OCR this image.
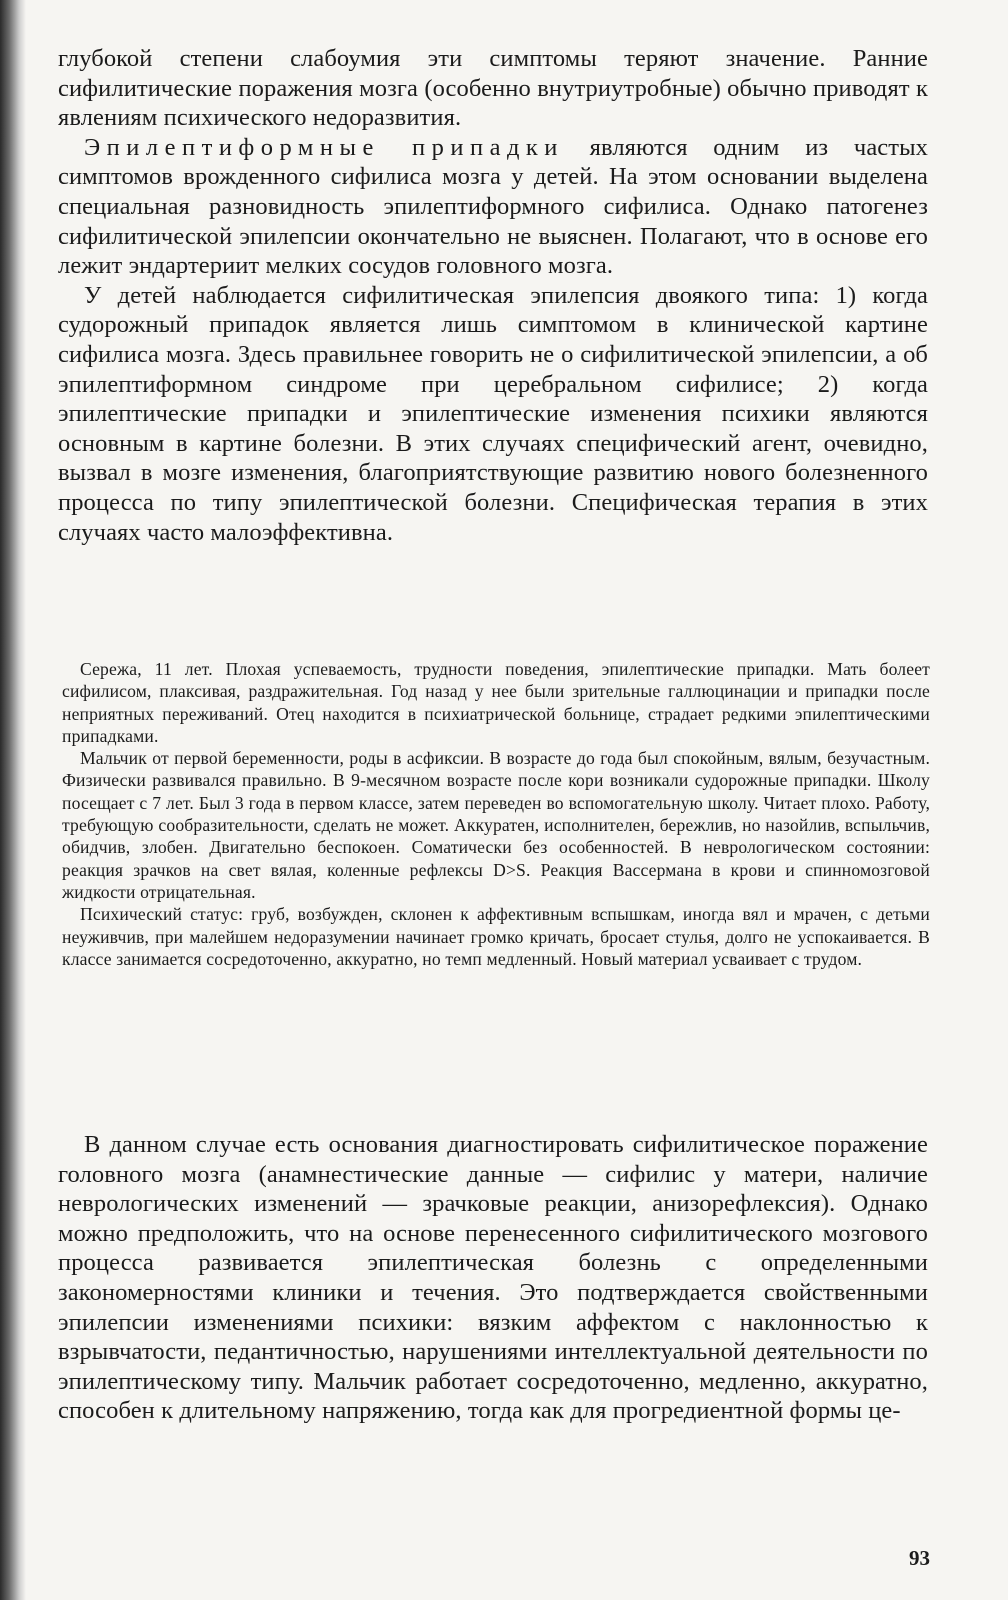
глубокой степени слабоумия эти симптомы теряют значение. Ранние сифилитические поражения мозга (особенно внутриутробные) обычно приводят к явлениям психического недоразвития.

Эпилептиформные припадки являются одним из частых симптомов врожденного сифилиса мозга у детей. На этом основании выделена специальная разновидность эпилептиформного сифилиса. Однако патогенез сифилитической эпилепсии окончательно не выяснен. Полагают, что в основе его лежит эндартериит мелких сосудов головного мозга.

У детей наблюдается сифилитическая эпилепсия двоякого типа: 1) когда судорожный припадок является лишь симптомом в клинической картине сифилиса мозга. Здесь правильнее говорить не о сифилитической эпилепсии, а об эпилептиформном синдроме при церебральном сифилисе; 2) когда эпилептические припадки и эпилептические изменения психики являются основным в картине болезни. В этих случаях специфический агент, очевидно, вызвал в мозге изменения, благоприятствующие развитию нового болезненного процесса по типу эпилептической болезни. Специфическая терапия в этих случаях часто малоэффективна.

Сережа, 11 лет. Плохая успеваемость, трудности поведения, эпилептические припадки. Мать болеет сифилисом, плаксивая, раздражительная. Год назад у нее были зрительные галлюцинации и припадки после неприятных переживаний. Отец находится в психиатрической больнице, страдает редкими эпилептическими припадками.

Мальчик от первой беременности, роды в асфиксии. В возрасте до года был спокойным, вялым, безучастным. Физически развивался правильно. В 9-месячном возрасте после кори возникали судорожные припадки. Школу посещает с 7 лет. Был 3 года в первом классе, затем переведен во вспомогательную школу. Читает плохо. Работу, требующую сообразительности, сделать не может. Аккуратен, исполнителен, бережлив, но назойлив, вспыльчив, обидчив, злобен. Двигательно беспокоен. Соматически без особенностей. В неврологическом состоянии: реакция зрачков на свет вялая, коленные рефлексы D>S. Реакция Вассермана в крови и спинномозговой жидкости отрицательная.

Психический статус: груб, возбужден, склонен к аффективным вспышкам, иногда вял и мрачен, с детьми неуживчив, при малейшем недоразумении начинает громко кричать, бросает стулья, долго не успокаивается. В классе занимается сосредоточенно, аккуратно, но темп медленный. Новый материал усваивает с трудом.

В данном случае есть основания диагностировать сифилитическое поражение головного мозга (анамнестические данные — сифилис у матери, наличие неврологических изменений — зрачковые реакции, анизорефлексия). Однако можно предположить, что на основе перенесенного сифилитического мозгового процесса развивается эпилептическая болезнь с определенными закономерностями клиники и течения. Это подтверждается свойственными эпилепсии изменениями психики: вязким аффектом с наклонностью к взрывчатости, педантичностью, нарушениями интеллектуальной деятельности по эпилептическому типу. Мальчик работает сосредоточенно, медленно, аккуратно, способен к длительному напряжению, тогда как для прогредиентной формы це-

93
